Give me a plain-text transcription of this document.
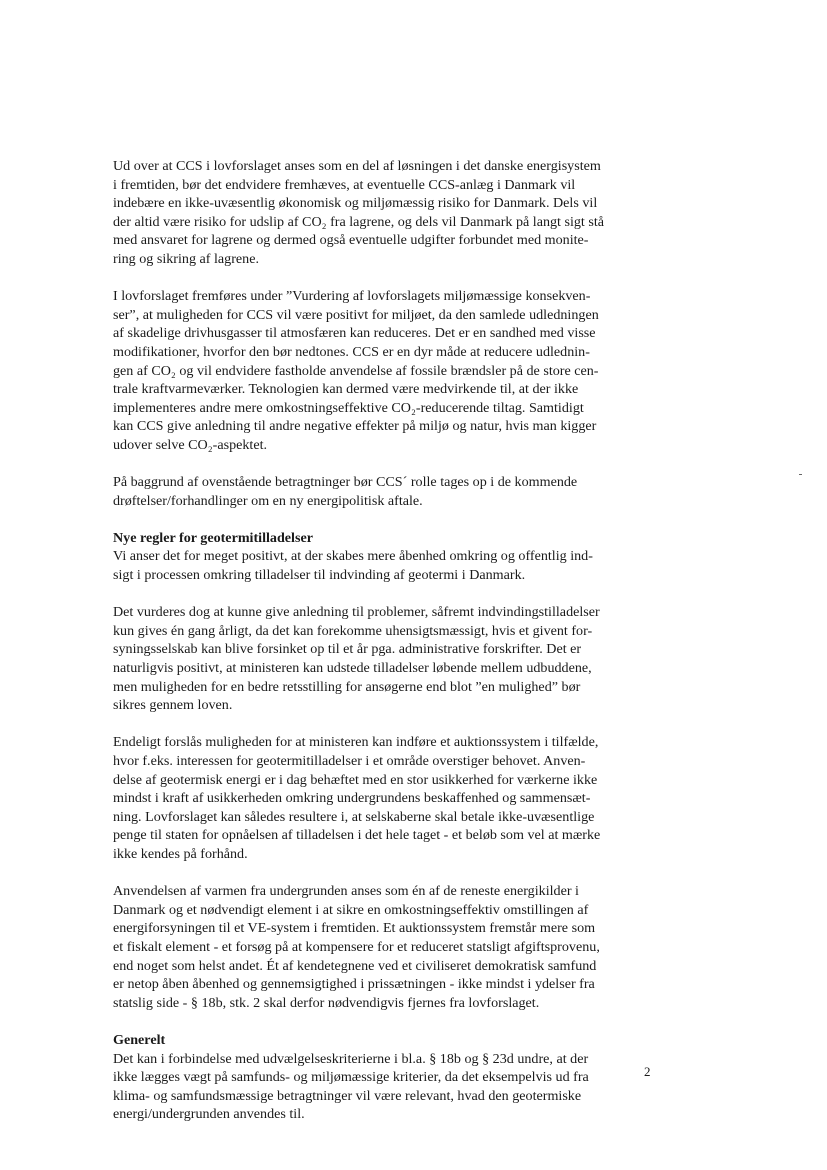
Ud over at CCS i lovforslaget anses som en del af løsningen i det danske energisystem
i fremtiden, bør det endvidere fremhæves, at eventuelle CCS-anlæg i Danmark vil
indebære en ikke-uvæsentlig økonomisk og miljømæssig risiko for Danmark. Dels vil
der altid være risiko for udslip af CO₂ fra lagrene, og dels vil Danmark på langt sigt stå
med ansvaret for lagrene og dermed også eventuelle udgifter forbundet med monite-
ring og sikring af lagrene.

I lovforslaget fremføres under ”Vurdering af lovforslagets miljømæssige konsekven-
ser”, at muligheden for CCS vil være positivt for miljøet, da den samlede udledningen
af skadelige drivhusgasser til atmosfæren kan reduceres. Det er en sandhed med visse
modifikationer, hvorfor den bør nedtones. CCS er en dyr måde at reducere udlednin-
gen af CO₂ og vil endvidere fastholde anvendelse af fossile brændsler på de store cen-
trale kraftvarmeværker. Teknologien kan dermed være medvirkende til, at der ikke
implementeres andre mere omkostningseffektive CO₂-reducerende tiltag. Samtidigt
kan CCS give anledning til andre negative effekter på miljø og natur, hvis man kigger
udover selve CO₂-aspektet.

På baggrund af ovenstående betragtninger bør CCS´ rolle tages op i de kommende
drøftelser/forhandlinger om en ny energipolitisk aftale.

Nye regler for geotermitilladelser
Vi anser det for meget positivt, at der skabes mere åbenhed omkring og offentlig ind-
sigt i processen omkring tilladelser til indvinding af geotermi i Danmark.

Det vurderes dog at kunne give anledning til problemer, såfremt indvindingstilladelser
kun gives én gang årligt, da det kan forekomme uhensigtsmæssigt, hvis et givent for-
syningsselskab kan blive forsinket op til et år pga. administrative forskrifter. Det er
naturligvis positivt, at ministeren kan udstede tilladelser løbende mellem udbuddene,
men muligheden for en bedre retsstilling for ansøgerne end blot ”en mulighed” bør
sikres gennem loven.

Endeligt forslås muligheden for at ministeren kan indføre et auktionssystem i tilfælde,
hvor f.eks. interessen for geotermitilladelser i et område overstiger behovet. Anven-
delse af geotermisk energi er i dag behæftet med en stor usikkerhed for værkerne ikke
mindst i kraft af usikkerheden omkring undergrundens beskaffenhed og sammensæt-
ning. Lovforslaget kan således resultere i, at selskaberne skal betale ikke-uvæsentlige
penge til staten for opnåelsen af tilladelsen i det hele taget - et beløb som vel at mærke
ikke kendes på forhånd.

Anvendelsen af varmen fra undergrunden anses som én af de reneste energikilder i
Danmark og et nødvendigt element i at sikre en omkostningseffektiv omstillingen af
energiforsyningen til et VE-system i fremtiden. Et auktionssystem fremstår mere som
et fiskalt element - et forsøg på at kompensere for et reduceret statsligt afgiftsprovenu,
end noget som helst andet. Ét af kendetegnene ved et civiliseret demokratisk samfund
er netop åben åbenhed og gennemsigtighed i prissætningen - ikke mindst i ydelser fra
statslig side - § 18b, stk. 2 skal derfor nødvendigvis fjernes fra lovforslaget.

Generelt
Det kan i forbindelse med udvælgelseskriterierne i bl.a. § 18b og § 23d undre, at der
ikke lægges vægt på samfunds- og miljømæssige kriterier, da det eksempelvis ud fra
klima- og samfundsmæssige betragtninger vil være relevant, hvad den geotermiske
energi/undergrunden anvendes til.

2
